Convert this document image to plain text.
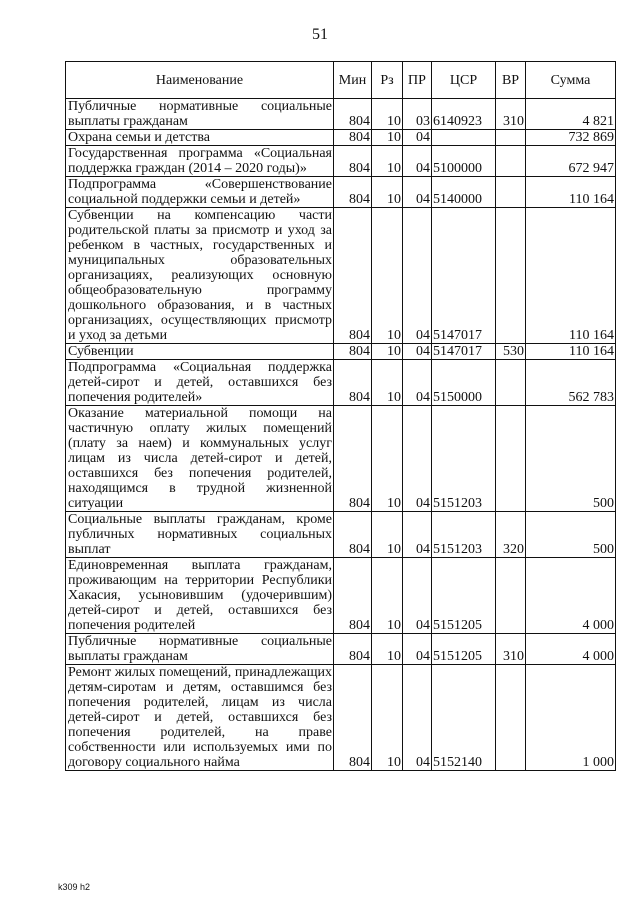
51
Наименование	Мин	Рз	ПР	ЦСР	ВР	Сумма
Публичные нормативные социальные выплаты гражданам	804	10	03	6140923	310	4 821
Охрана семьи и детства	804	10	04			732 869
Государственная программа «Социальная поддержка граждан (2014 – 2020 годы)»	804	10	04	5100000		672 947
Подпрограмма «Совершенствование социальной поддержки семьи и детей»	804	10	04	5140000		110 164
Субвенции на компенсацию части родительской платы за присмотр и уход за ребенком в частных, государственных и муниципальных образовательных организациях, реализующих основную общеобразовательную программу дошкольного образования, и в частных организациях, осуществляющих присмотр и уход за детьми	804	10	04	5147017		110 164
Субвенции	804	10	04	5147017	530	110 164
Подпрограмма «Социальная поддержка детей-сирот и детей, оставшихся без попечения родителей»	804	10	04	5150000		562 783
Оказание материальной помощи на частичную оплату жилых помещений (плату за наем) и коммунальных услуг лицам из числа детей-сирот и детей, оставшихся без попечения родителей, находящимся в трудной жизненной ситуации	804	10	04	5151203		500
Социальные выплаты гражданам, кроме публичных нормативных социальных выплат	804	10	04	5151203	320	500
Единовременная выплата гражданам, проживающим на территории Республики Хакасия, усыновившим (удочерившим) детей-сирот и детей, оставшихся без попечения родителей	804	10	04	5151205		4 000
Публичные нормативные социальные выплаты гражданам	804	10	04	5151205	310	4 000
Ремонт жилых помещений, принадлежащих детям-сиротам и детям, оставшимся без попечения родителей, лицам из числа детей-сирот и детей, оставшихся без попечения родителей, на праве собственности или используемых ими по договору социального найма	804	10	04	5152140		1 000
k309 h2
